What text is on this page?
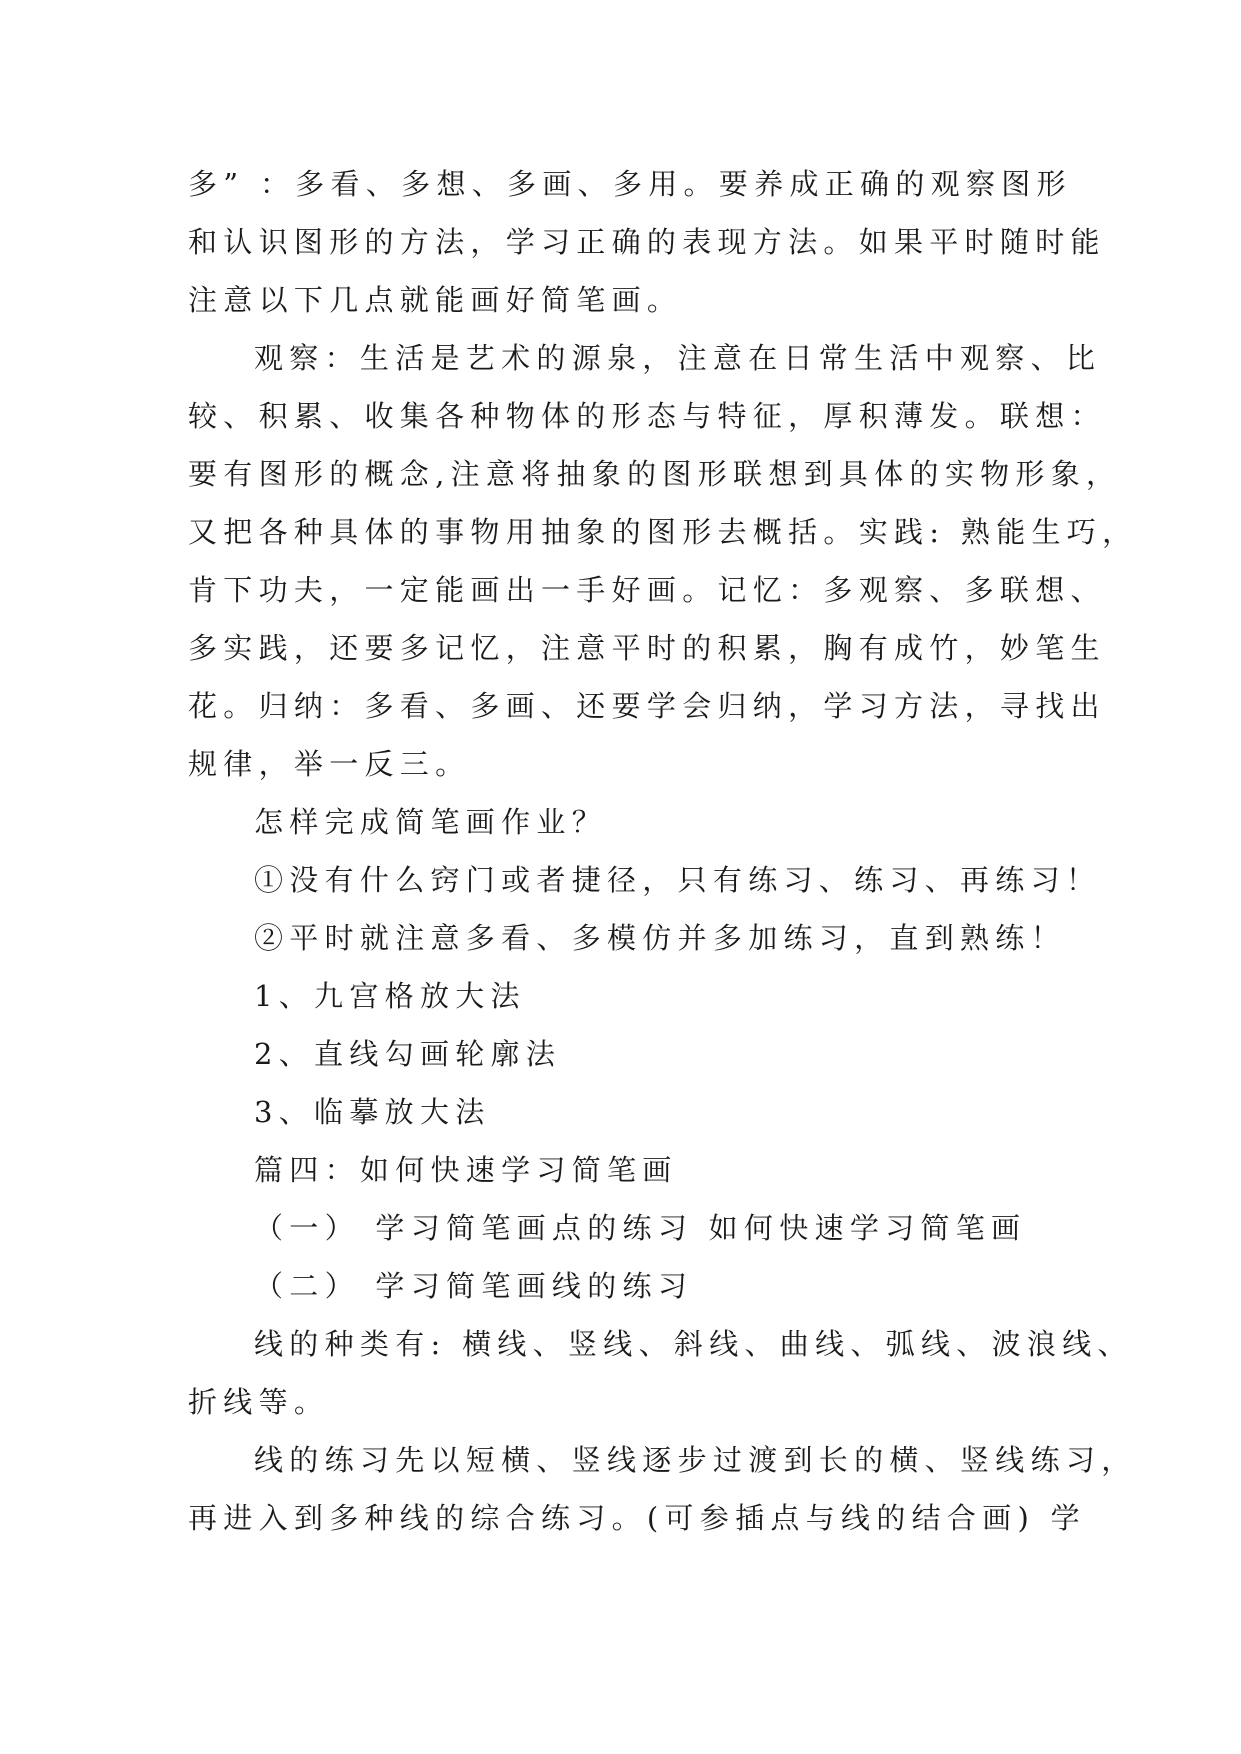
多” ：多看、多想、多画、多用。要养成正确的观察图形
和认识图形的方法，学习正确的表现方法。如果平时随时能
注意以下几点就能画好简笔画。
观察：生活是艺术的源泉，注意在日常生活中观察、比
较、积累、收集各种物体的形态与特征，厚积薄发。联想：
要有图形的概念,注意将抽象的图形联想到具体的实物形象，
又把各种具体的事物用抽象的图形去概括。实践: 熟能生巧，
肯下功夫，一定能画出一手好画。记忆：多观察、多联想、
多实践，还要多记忆，注意平时的积累，胸有成竹，妙笔生
花。归纳：多看、多画、还要学会归纳，学习方法，寻找出
规律，举一反三。
怎样完成简笔画作业？
①没有什么窍门或者捷径，只有练习、练习、再练习！
②平时就注意多看、多模仿并多加练习，直到熟练！
1、九宫格放大法
2、直线勾画轮廓法
3、临摹放大法
篇四：如何快速学习简笔画
（一） 学习简笔画点的练习 如何快速学习简笔画
（二） 学习简笔画线的练习
线的种类有: 横线、竖线、斜线、曲线、弧线、波浪线、
折线等。
线的练习先以短横、竖线逐步过渡到长的横、竖线练习，
再进入到多种线的综合练习。(可参插点与线的结合画) 学
